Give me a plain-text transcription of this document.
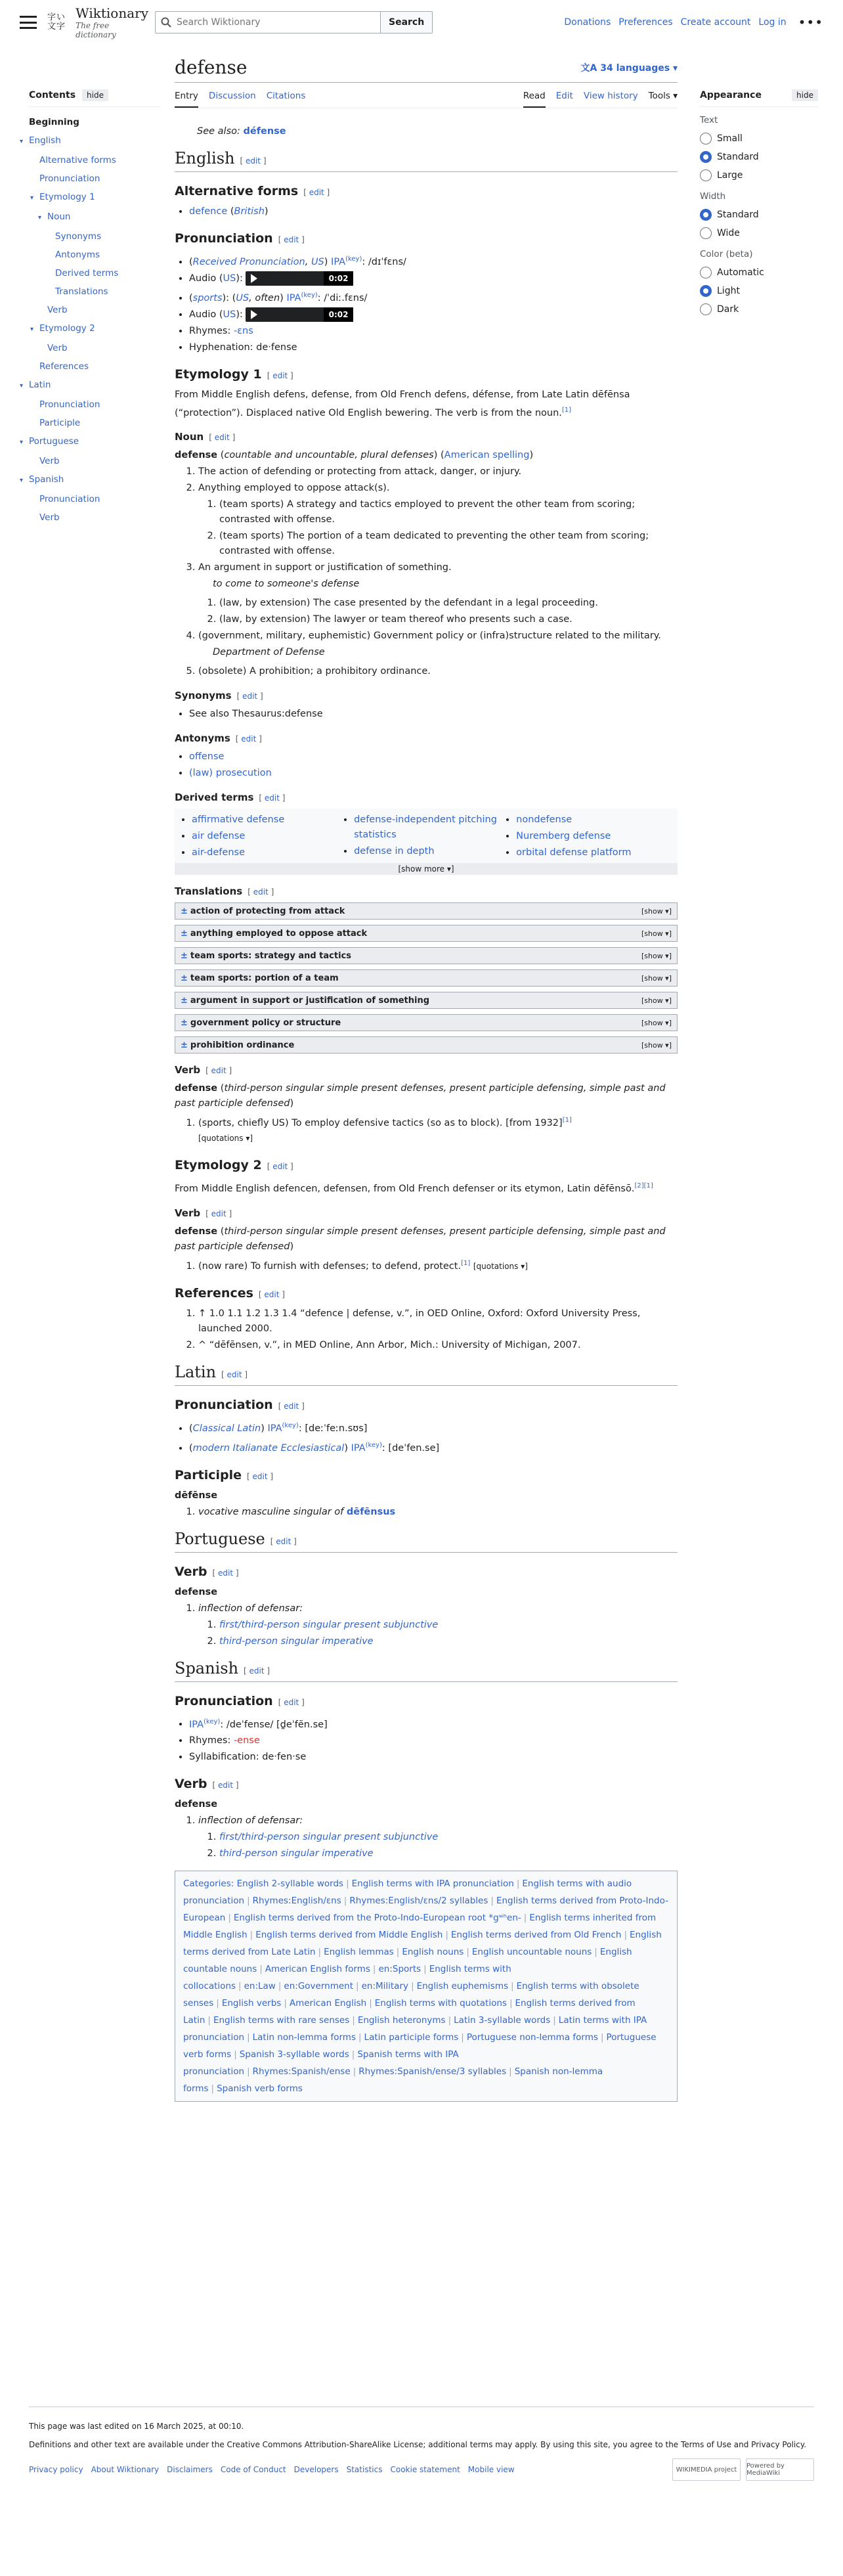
字い文字
Wiktionary
The free dictionary
Search Wiktionary
Search	Donations Preferences Create account Log in •••
Contents	hide
Beginning
▾ English
Alternative forms
Pronunciation
▾ Etymology 1
▾ Noun
Synonyms
Antonyms
Derived terms
Translations
Verb
▾ Etymology 2
Verb
References
▾ Latin
Pronunciation
Participle
▾ Portuguese
Verb
▾ Spanish
Pronunciation
Verb
Appearance	hide
Text
Small
Standard
Large
Width
Standard
Wide
Color (beta)
Automatic
Light
Dark
defense	文A 34 languages ▾
Entry Discussion Citations	Read Edit View history Tools ▾
See also: défense
English [ edit ]
Alternative forms [ edit ]
• defence (British)
Pronunciation [ edit ]
• (Received Pronunciation, US) $IPA^{(key)}$: /dɪˈfɛns/
• Audio (US):	0:02
• (sports): (US, often) $IPA^{(key)}$: /ˈdiː.fɛns/
• Audio (US):	0:02
• Rhymes: -ɛns
• Hyphenation: de‧fense
Etymology 1 [ edit ]

From Middle English defens, defense, from Old French defens, défense, from Late Latin dēfēnsa (“protection”). Displaced native Old English bewering. The verb is from the noun.[1]

Noun [ edit ]

defense (countable and uncountable, plural defenses) (American spelling)

1. The action of defending or protecting from attack, danger, or injury.
2. Anything employed to oppose attack(s).
1. (team sports) A strategy and tactics employed to prevent the other team from scoring; contrasted with offense.
2. (team sports) The portion of a team dedicated to preventing the other team from scoring; contrasted with offense.
3. An argument in support or justification of something.
to come to someone's defense
1. (law, by extension) The case presented by the defendant in a legal proceeding.
2. (law, by extension) The lawyer or team thereof who presents such a case.
4. (government, military, euphemistic) Government policy or (infra)structure related to the military.
Department of Defense
5. (obsolete) A prohibition; a prohibitory ordinance.
Synonyms [ edit ]
• See also Thesaurus:defense
Antonyms [ edit ]
• offense
• (law) prosecution
Derived terms [ edit ]
• affirmative defense
• air defense
• air-defense
• defense-independent pitching statistics
• defense in depth
• nondefense
• Nuremberg defense
• orbital defense platform
[show more ▾]
Translations [ edit ]
± action of protecting from attack	[show ▾]
± anything employed to oppose attack	[show ▾]
± team sports: strategy and tactics	[show ▾]
± team sports: portion of a team	[show ▾]
± argument in support or justification of something	[show ▾]
± government policy or structure	[show ▾]
± prohibition ordinance	[show ▾]
Verb [ edit ]

defense (third-person singular simple present defenses, present participle defensing, simple past and past participle defensed)

1. (sports, chiefly US) To employ defensive tactics (so as to block). [from 1932][1]
[quotations ▾]
Etymology 2 [ edit ]

From Middle English defencen, defensen, from Old French defenser or its etymon, Latin dēfēnsō.[2][1]

Verb [ edit ]

defense (third-person singular simple present defenses, present participle defensing, simple past and past participle defensed)

1. (now rare) To furnish with defenses; to defend, protect.[1] [quotations ▾]
References [ edit ]
1. ↑ 1.0 1.1 1.2 1.3 1.4 “defence | defense, v.”, in OED Online, Oxford: Oxford University Press, launched 2000.
2. ^ “dēfēnsen, v.”, in MED Online, Ann Arbor, Mich.: University of Michigan, 2007.
Latin [ edit ]
Pronunciation [ edit ]
• (Classical Latin) $IPA^{(key)}$: [deːˈfeːn.sʊs]
• (modern Italianate Ecclesiastical) $IPA^{(key)}$: [deˈfen.se]
Participle [ edit ]

dēfēnse

1. vocative masculine singular of dēfēnsus
Portuguese [ edit ]
Verb [ edit ]

defense

1. inflection of defensar:
1. first/third-person singular present subjunctive
2. third-person singular imperative
Spanish [ edit ]
Pronunciation [ edit ]
• $IPA^{(key)}$: /deˈfense/ [d̪eˈfẽn.se]
• Rhymes: -ense
• Syllabification: de‧fen‧se
Verb [ edit ]

defense

1. inflection of defensar:
1. first/third-person singular present subjunctive
2. third-person singular imperative
Categories: English 2-syllable words | English terms with IPA pronunciation | English terms with audio pronunciation | Rhymes:English/ɛns | Rhymes:English/ɛns/2 syllables | English terms derived from Proto-Indo-European | English terms derived from the Proto-Indo-European root *gʷʰen- | English terms inherited from Middle English | English terms derived from Middle English | English terms derived from Old French | English terms derived from Late Latin | English lemmas | English nouns | English uncountable nouns | English countable nouns | American English forms | en:Sports | English terms with collocations | en:Law | en:Government | en:Military | English euphemisms | English terms with obsolete senses | English verbs | American English | English terms with quotations | English terms derived from Latin | English terms with rare senses | English heteronyms | Latin 3-syllable words | Latin terms with IPA pronunciation | Latin non-lemma forms | Latin participle forms | Portuguese non-lemma forms | Portuguese verb forms | Spanish 3-syllable words | Spanish terms with IPA pronunciation | Rhymes:Spanish/ense | Rhymes:Spanish/ense/3 syllables | Spanish non-lemma forms | Spanish verb forms

This page was last edited on 16 March 2025, at 00:10.

Definitions and other text are available under the Creative Commons Attribution-ShareAlike License; additional terms may apply. By using this site, you agree to the Terms of Use and Privacy Policy.

Privacy policy About Wiktionary Disclaimers Code of Conduct Developers Statistics Cookie statement Mobile view	WIKIMEDIA project	Powered by MediaWiki
